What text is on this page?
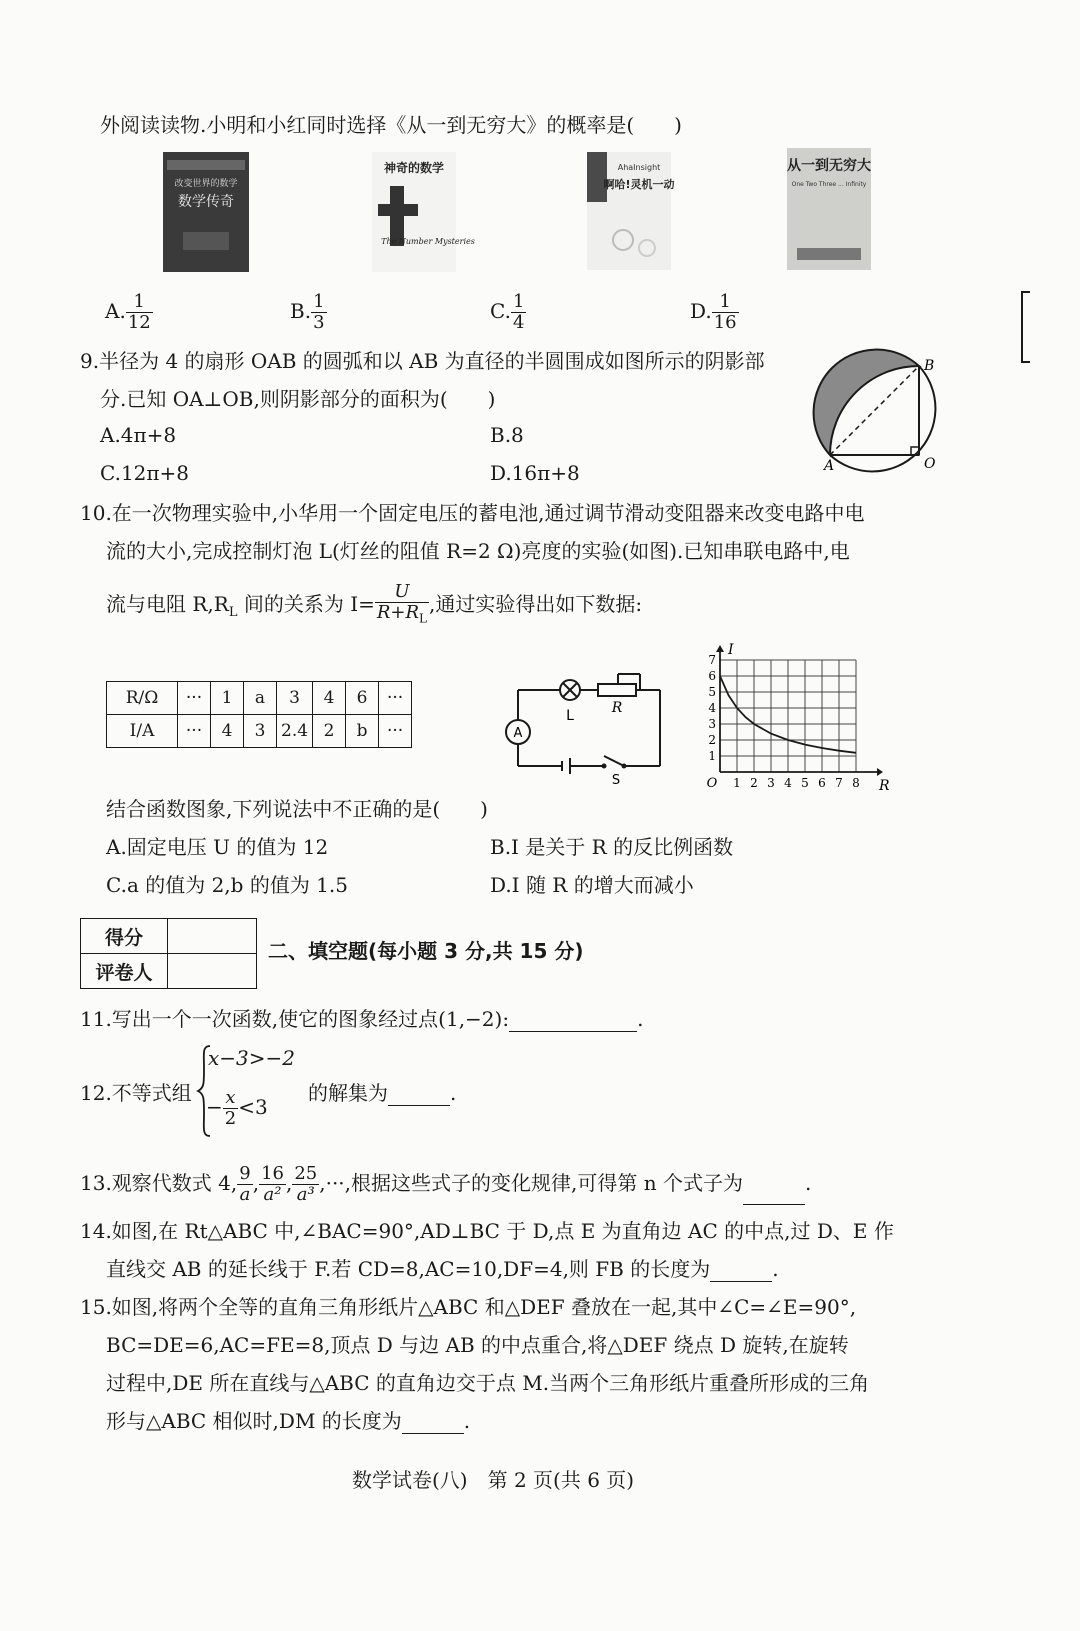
外阅读读物.小明和小红同时选择《从一到无穷大》的概率是(　　)
改变世界的数学
数学传奇
神奇的数学
The Number Mysteries
AhaInsight
啊哈!灵机一动
从一到无穷大
One Two Three ... Infinity
A. $\frac{1}{12}$	B. $\frac{1}{3}$	C. $\frac{1}{4}$	D. $\frac{1}{16}$
9.半径为 4 的扇形 OAB 的圆弧和以 AB 为直径的半圆围成如图所示的阴影部
分.已知 OA⊥OB,则阴影部分的面积为(　　)
A.4π+8	B.8
C.12π+8	D.16π+8	A
B
O
10.在一次物理实验中,小华用一个固定电压的蓄电池,通过调节滑动变阻器来改变电路中电
流的大小,完成控制灯泡 L(灯丝的阻值 R=2 Ω)亮度的实验(如图).已知串联电路中,电
流与电阻 $R,R_L$ 间的关系为 $I= \frac{U}{R+R_L}$ ,通过实验得出如下数据:
R/Ω	···	1	a	3	4	6	···
I/A	···	4	3	2.4	2	b	···	A
L	R
S	1 2 3 4 5 6 7 8
1
2
3
4
5
6
7
O	R
I
结合函数图象,下列说法中不正确的是(　　)
A.固定电压 U 的值为 12	B.I 是关于 R 的反比例函数
C.a 的值为 2,b 的值为 1.5	D.I 随 R 的增大而减小
得分	
评卷人	
二、填空题(每小题 3 分,共 15 分)
11.写出一个一次函数,使它的图象经过点(1,−2):	.
12.不等式组
x−3>−2
− $\frac{x}{2} <3$
的解集为	.
13.观察代数式 4, $\frac{9}{a}$ , $\frac{16}{\text{a²}}$ , $\frac{25}{\text{a³}}$ ,···,根据这些式子的变化规律,可得第 n 个式子为	.
14.如图,在 Rt△ABC 中,∠BAC=90°,AD⊥BC 于 D,点 E 为直角边 AC 的中点,过 D、E 作
直线交 AB 的延长线于 F.若 CD=8,AC=10,DF=4,则 FB 的长度为	.
15.如图,将两个全等的直角三角形纸片△ABC 和△DEF 叠放在一起,其中∠C=∠E=90°,
BC=DE=6,AC=FE=8,顶点 D 与边 AB 的中点重合,将△DEF 绕点 D 旋转,在旋转
过程中,DE 所在直线与△ABC 的直角边交于点 M.当两个三角形纸片重叠所形成的三角
形与△ABC 相似时,DM 的长度为	.
数学试卷(八)　第 2 页(共 6 页)
